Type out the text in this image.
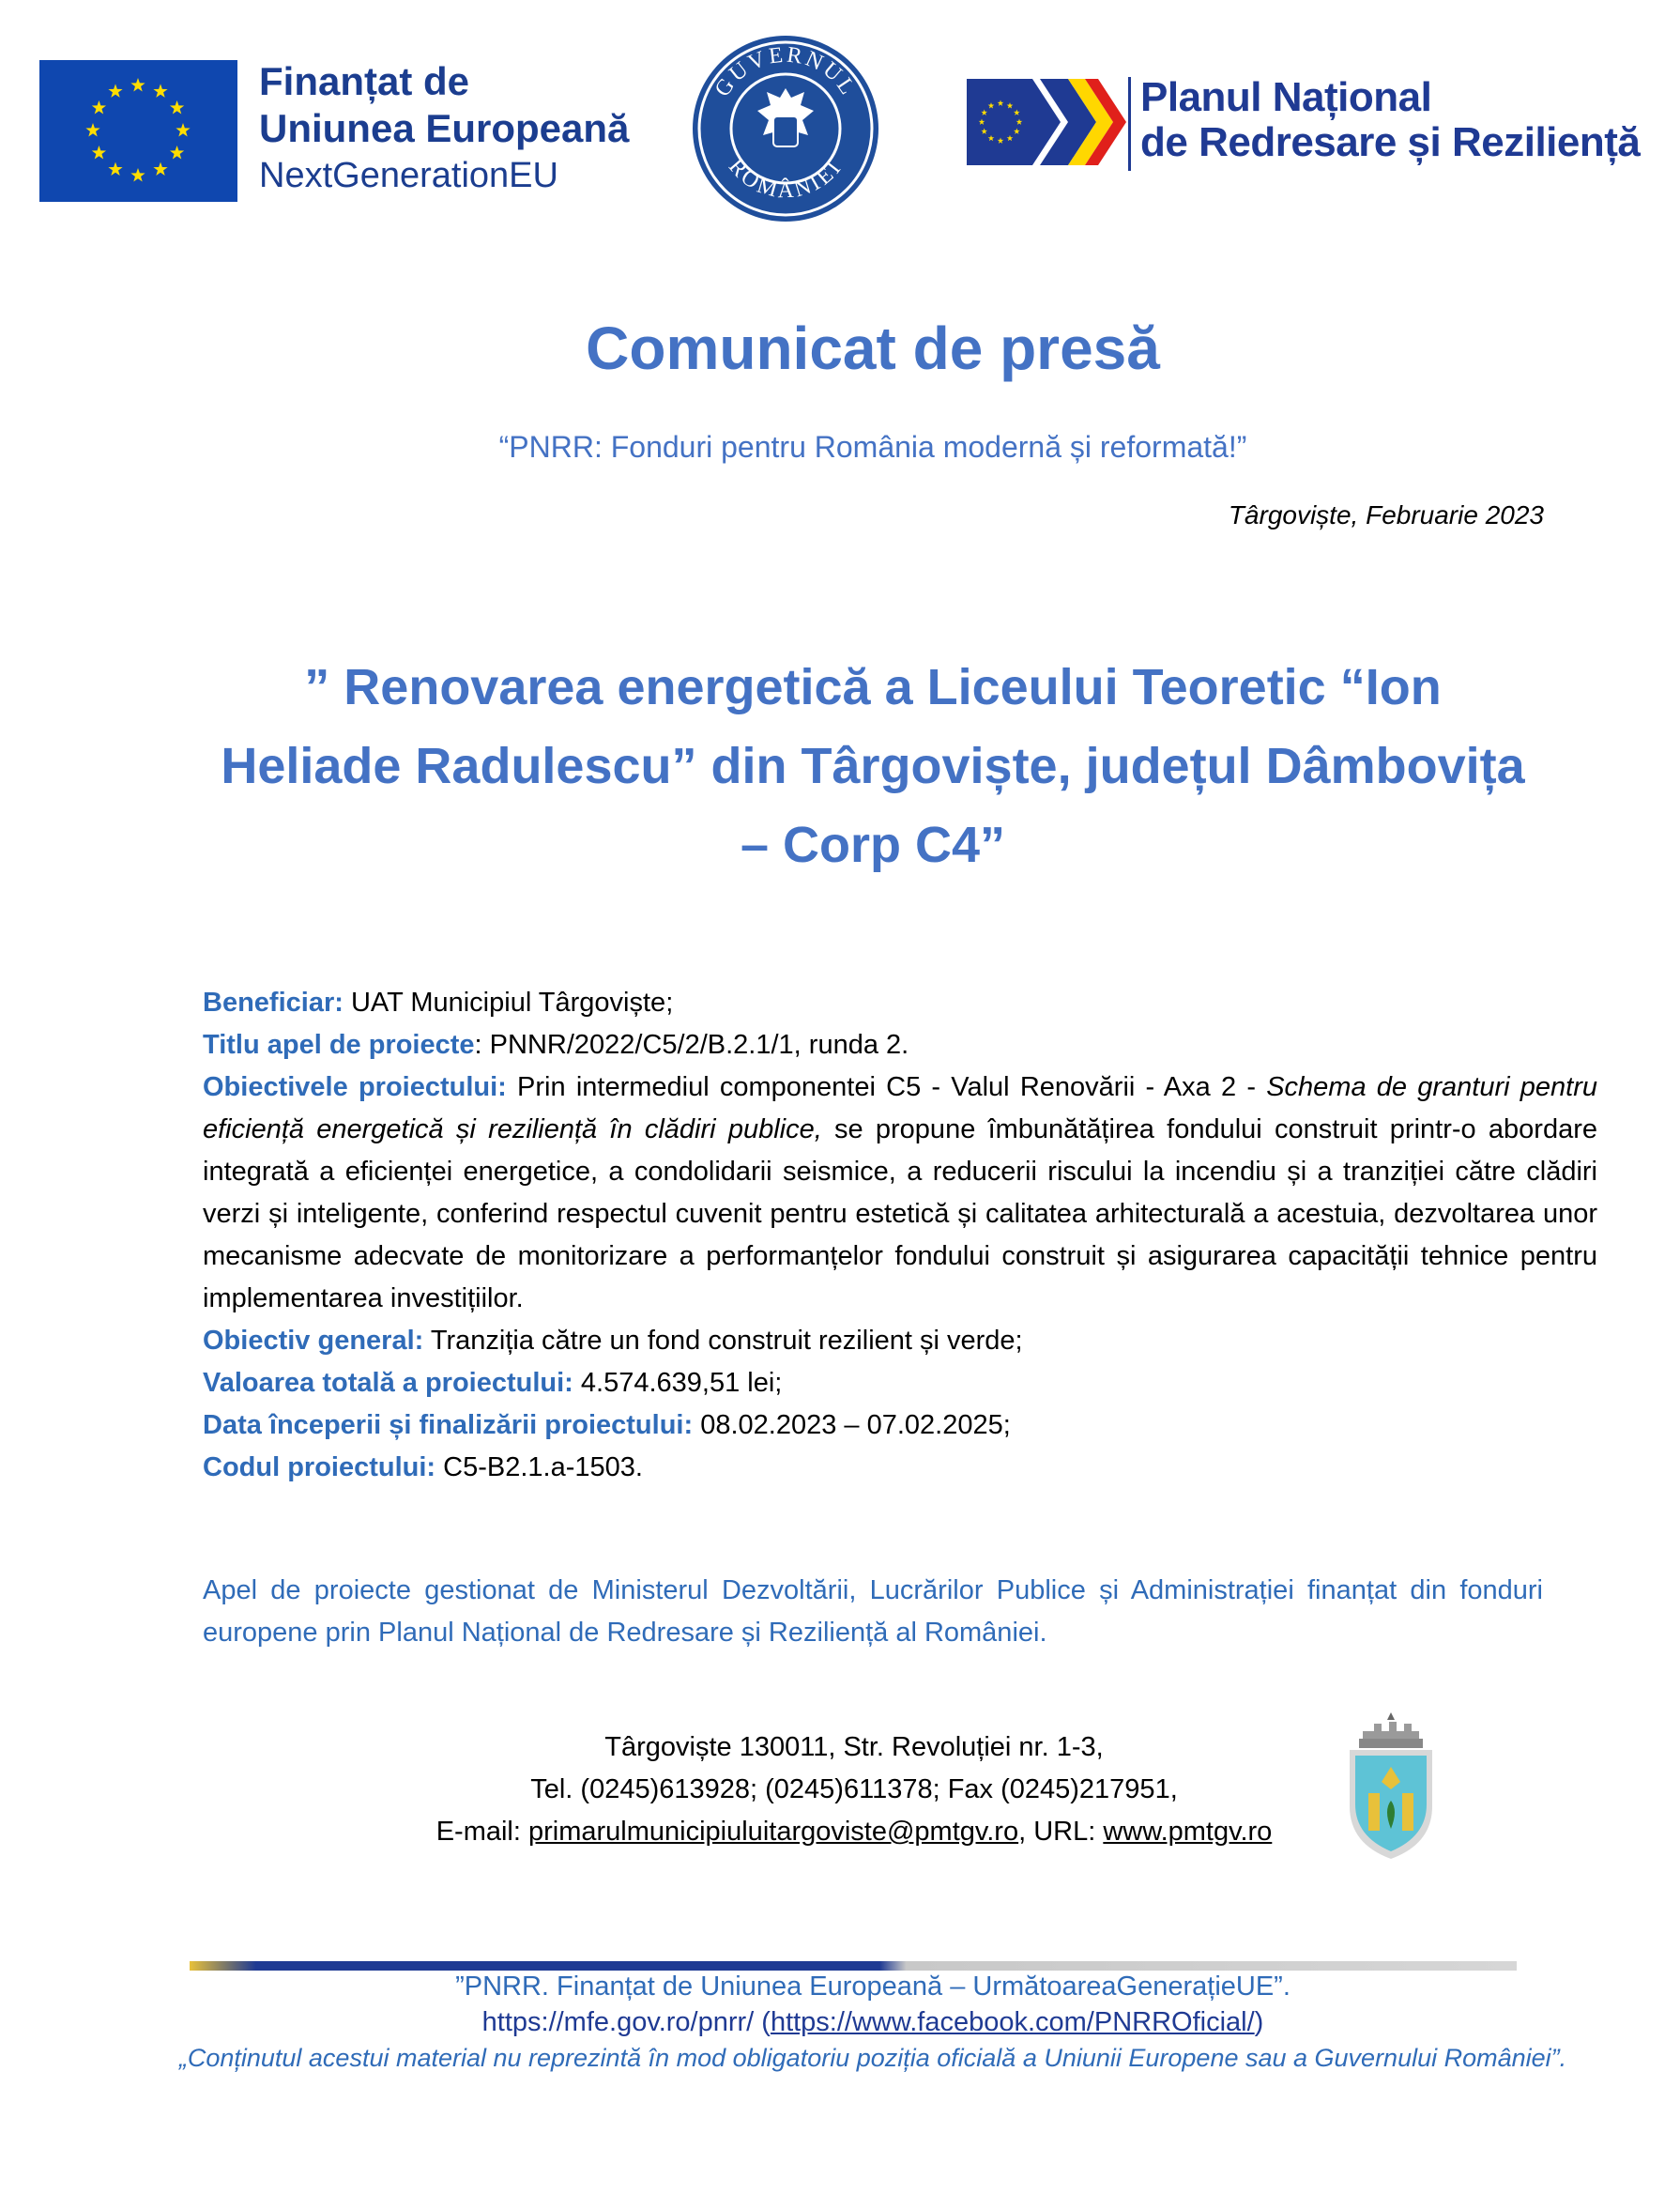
Finanțat de
Uniunea Europeană
NextGenerationEU
GUVERNUL
ROMÂNIEI
Planul Național
de Redresare și Reziliență
Comunicat de presă
“PNRR: Fonduri pentru România modernă și reformată!”
Târgoviște, Februarie 2023
” Renovarea energetică a Liceului Teoretic “Ion Heliade Radulescu” din Târgoviște, județul Dâmbovița – Corp C4”

Beneficiar: UAT Municipiul Târgoviște;

Titlu apel de proiecte: PNNR/2022/C5/2/B.2.1/1, runda 2.

Obiectivele proiectului: Prin intermediul componentei C5 - Valul Renovării - Axa 2 - Schema de granturi pentru eficiență energetică și reziliență în clădiri publice, se propune îmbunătățirea fondului construit printr-o abordare integrată a eficienței energetice, a condolidarii seismice, a reducerii riscului la incendiu și a tranziției către clădiri verzi și inteligente, conferind respectul cuvenit pentru estetică și calitatea arhitecturală a acestuia, dezvoltarea unor mecanisme adecvate de monitorizare a performanțelor fondului construit și asigurarea capacității tehnice pentru implementarea investițiilor.

Obiectiv general: Tranziția către un fond construit rezilient și verde;

Valoarea totală a proiectului: 4.574.639,51 lei;

Data începerii și finalizării proiectului: 08.02.2023 – 07.02.2025;

Codul proiectului: C5-B2.1.a-1503.

Apel de proiecte gestionat de Ministerul Dezvoltării, Lucrărilor Publice și Administrației finanțat din fonduri europene prin Planul Național de Redresare și Reziliență al României.
Târgoviște 130011, Str. Revoluției nr. 1-3,
Tel. (0245)613928; (0245)611378; Fax (0245)217951,
E-mail: primarulmunicipiuluitargoviste@pmtgv.ro, URL: www.pmtgv.ro
”PNRR. Finanțat de Uniunea Europeană – UrmătoareaGenerațieUE”.
https://mfe.gov.ro/pnrr/ (https://www.facebook.com/PNRROficial/)
„Conținutul acestui material nu reprezintă în mod obligatoriu poziția oficială a Uniunii Europene sau a Guvernului României”.
